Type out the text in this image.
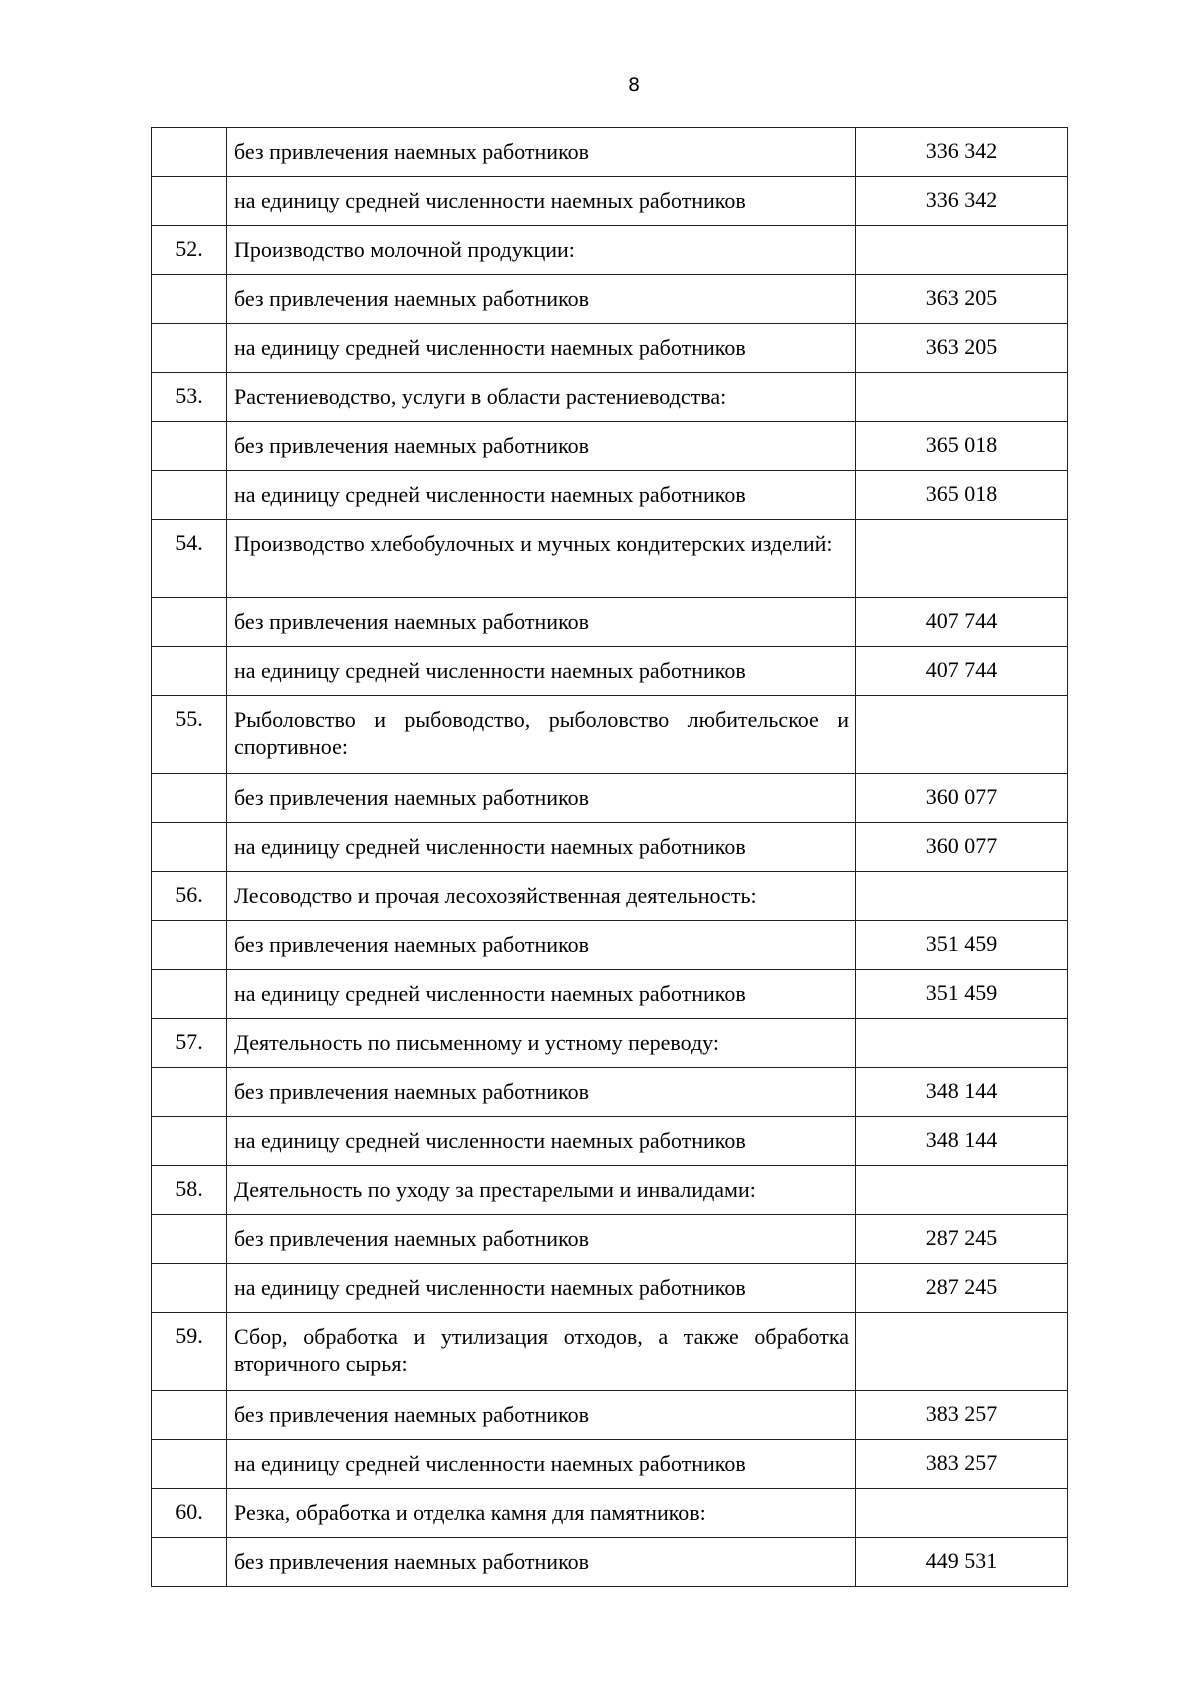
8
	без привлечения наемных работников	336 342
	на единицу средней численности наемных работников	336 342
52.	Производство молочной продукции:	
	без привлечения наемных работников	363 205
	на единицу средней численности наемных работников	363 205
53.	Растениеводство, услуги в области растениеводства:	
	без привлечения наемных работников	365 018
	на единицу средней численности наемных работников	365 018
54.	Производство хлебобулочных и мучных кондитерских изделий:	
	без привлечения наемных работников	407 744
	на единицу средней численности наемных работников	407 744
55.	Рыболовство и рыбоводство, рыболовство любительское и спортивное:	
	без привлечения наемных работников	360 077
	на единицу средней численности наемных работников	360 077
56.	Лесоводство и прочая лесохозяйственная деятельность:	
	без привлечения наемных работников	351 459
	на единицу средней численности наемных работников	351 459
57.	Деятельность по письменному и устному переводу:	
	без привлечения наемных работников	348 144
	на единицу средней численности наемных работников	348 144
58.	Деятельность по уходу за престарелыми и инвалидами:	
	без привлечения наемных работников	287 245
	на единицу средней численности наемных работников	287 245
59.	Сбор, обработка и утилизация отходов, а также обработка вторичного сырья:	
	без привлечения наемных работников	383 257
	на единицу средней численности наемных работников	383 257
60.	Резка, обработка и отделка камня для памятников:	
	без привлечения наемных работников	449 531
